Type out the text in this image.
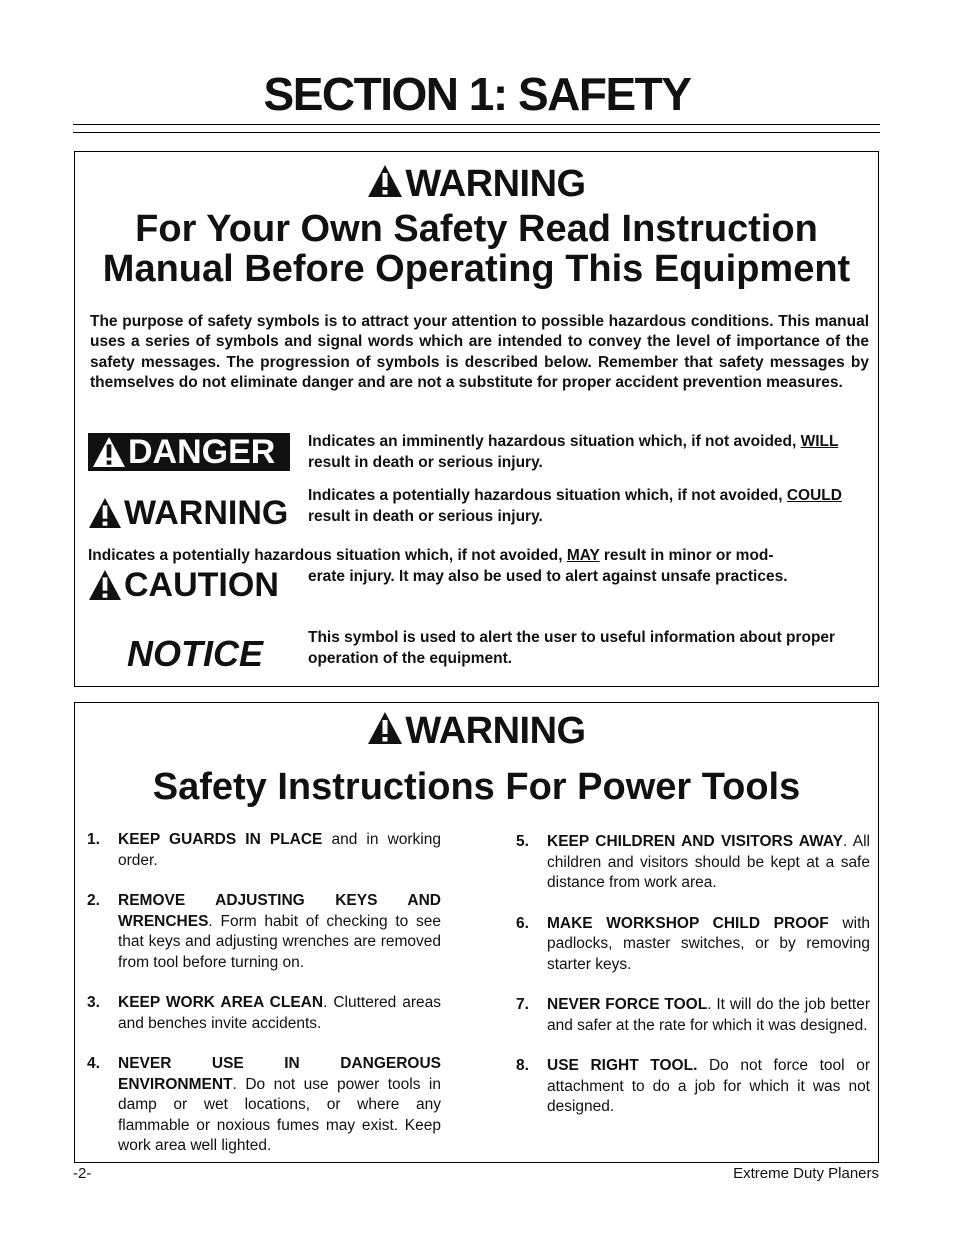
SECTION 1: SAFETY
WARNING
For Your Own Safety Read Instruction
Manual Before Operating This Equipment

The purpose of safety symbols is to attract your attention to possible hazardous conditions. This manual uses a series of symbols and signal words which are intended to convey the level of importance of the safety messages. The progression of symbols is described below. Remember that safety messages by themselves do not eliminate danger and are not a substitute for proper accident prevention measures.

DANGER Indicates an imminently hazardous situation which, if not avoided, WILL result in death or serious injury.

WARNING Indicates a potentially hazardous situation which, if not avoided, COULD result in death or serious injury.

Indicates a potentially hazardous situation which, if not avoided, MAY result in minor or mod-

CAUTION erate injury. It may also be used to alert against unsafe practices.

NOTICE	This symbol is used to alert the user to useful information about proper operation of the equipment.

WARNING
Safety Instructions For Power Tools
1. KEEP GUARDS IN PLACE and in working order.
2. REMOVE ADJUSTING KEYS AND WRENCHES. Form habit of checking to see that keys and adjusting wrenches are removed from tool before turning on.
3. KEEP WORK AREA CLEAN. Cluttered areas and benches invite accidents.
4. NEVER USE IN DANGEROUS ENVIRONMENT. Do not use power tools in damp or wet locations, or where any flammable or noxious fumes may exist. Keep work area well lighted.
5. KEEP CHILDREN AND VISITORS AWAY. All children and visitors should be kept at a safe distance from work area.
6. MAKE WORKSHOP CHILD PROOF with padlocks, master switches, or by removing starter keys.
7. NEVER FORCE TOOL. It will do the job better and safer at the rate for which it was designed.
8. USE RIGHT TOOL. Do not force tool or attachment to do a job for which it was not designed.
-2-	Extreme Duty Planers
